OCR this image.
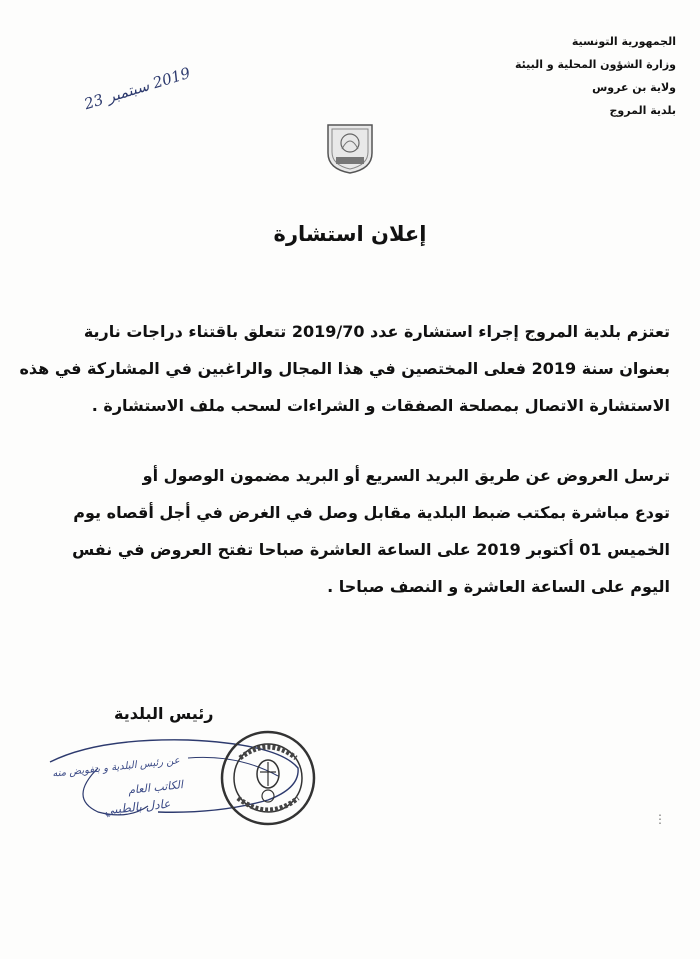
الجمهورية التونسية
وزارة الشؤون المحلية و البيئة
ولاية بن عروس
بلدية المروج
2019 سبتمبر 23
إعلان استشارة
تعتزم بلدية المروج إجراء استشارة عدد 2019/70 تتعلق باقتناء دراجات نارية
بعنوان سنة 2019 فعلى المختصين في هذا المجال والراغبين في المشاركة في هذه
الاستشارة الاتصال بمصلحة الصفقات و الشراءات لسحب ملف الاستشارة .
ترسل العروض عن طريق البريد السريع أو البريد مضمون الوصول أو
تودع مباشرة بمكتب ضبط البلدية مقابل وصل في الغرض في أجل أقصاه يوم
الخميس 01 أكتوبر 2019 على الساعة العاشرة صباحا تفتح العروض في نفس
اليوم على الساعة العاشرة و النصف صباحا .
رئيس البلدية
عن رئيس البلدية و بتفويض منه
الكاتب العام
عادل بالطيبي
⋮
